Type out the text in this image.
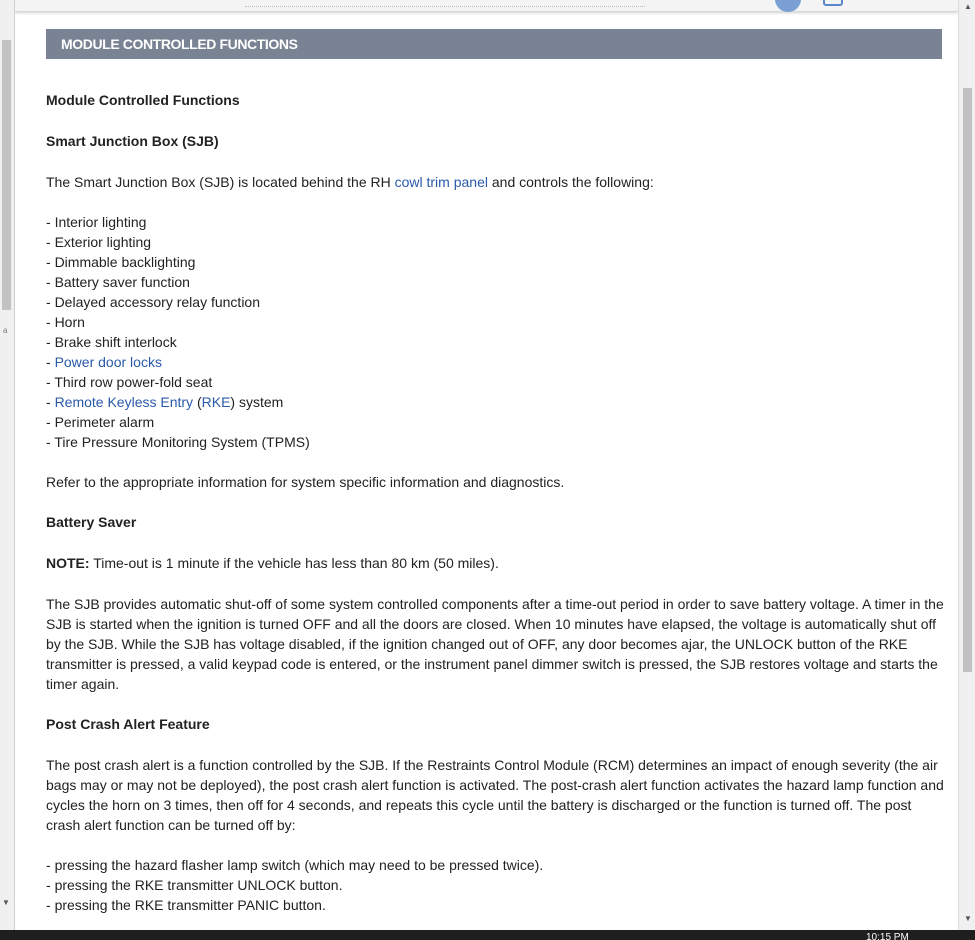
a
▼
MODULE CONTROLLED FUNCTIONS

Module Controlled Functions

Smart Junction Box (SJB)

The Smart Junction Box (SJB) is located behind the RH cowl trim panel and controls the following:

- Interior lighting
- Exterior lighting
- Dimmable backlighting
- Battery saver function
- Delayed accessory relay function
- Horn
- Brake shift interlock
- Power door locks
- Third row power-fold seat
- Remote Keyless Entry (RKE) system
- Perimeter alarm
- Tire Pressure Monitoring System (TPMS)

Refer to the appropriate information for system specific information and diagnostics.

Battery Saver

NOTE: Time-out is 1 minute if the vehicle has less than 80 km (50 miles).

The SJB provides automatic shut-off of some system controlled components after a time-out period in order to save battery voltage. A timer in the SJB is started when the ignition is turned OFF and all the doors are closed. When 10 minutes have elapsed, the voltage is automatically shut off by the SJB. While the SJB has voltage disabled, if the ignition changed out of OFF, any door becomes ajar, the UNLOCK button of the RKE transmitter is pressed, a valid keypad code is entered, or the instrument panel dimmer switch is pressed, the SJB restores voltage and starts the timer again.

Post Crash Alert Feature

The post crash alert is a function controlled by the SJB. If the Restraints Control Module (RCM) determines an impact of enough severity (the air bags may or may not be deployed), the post crash alert function is activated. The post-crash alert function activates the hazard lamp function and cycles the horn on 3 times, then off for 4 seconds, and repeats this cycle until the battery is discharged or the function is turned off. The post crash alert function can be turned off by:

- pressing the hazard flasher lamp switch (which may need to be pressed twice).
- pressing the RKE transmitter UNLOCK button.
- pressing the RKE transmitter PANIC button.
▲
▼
10:15 PM
